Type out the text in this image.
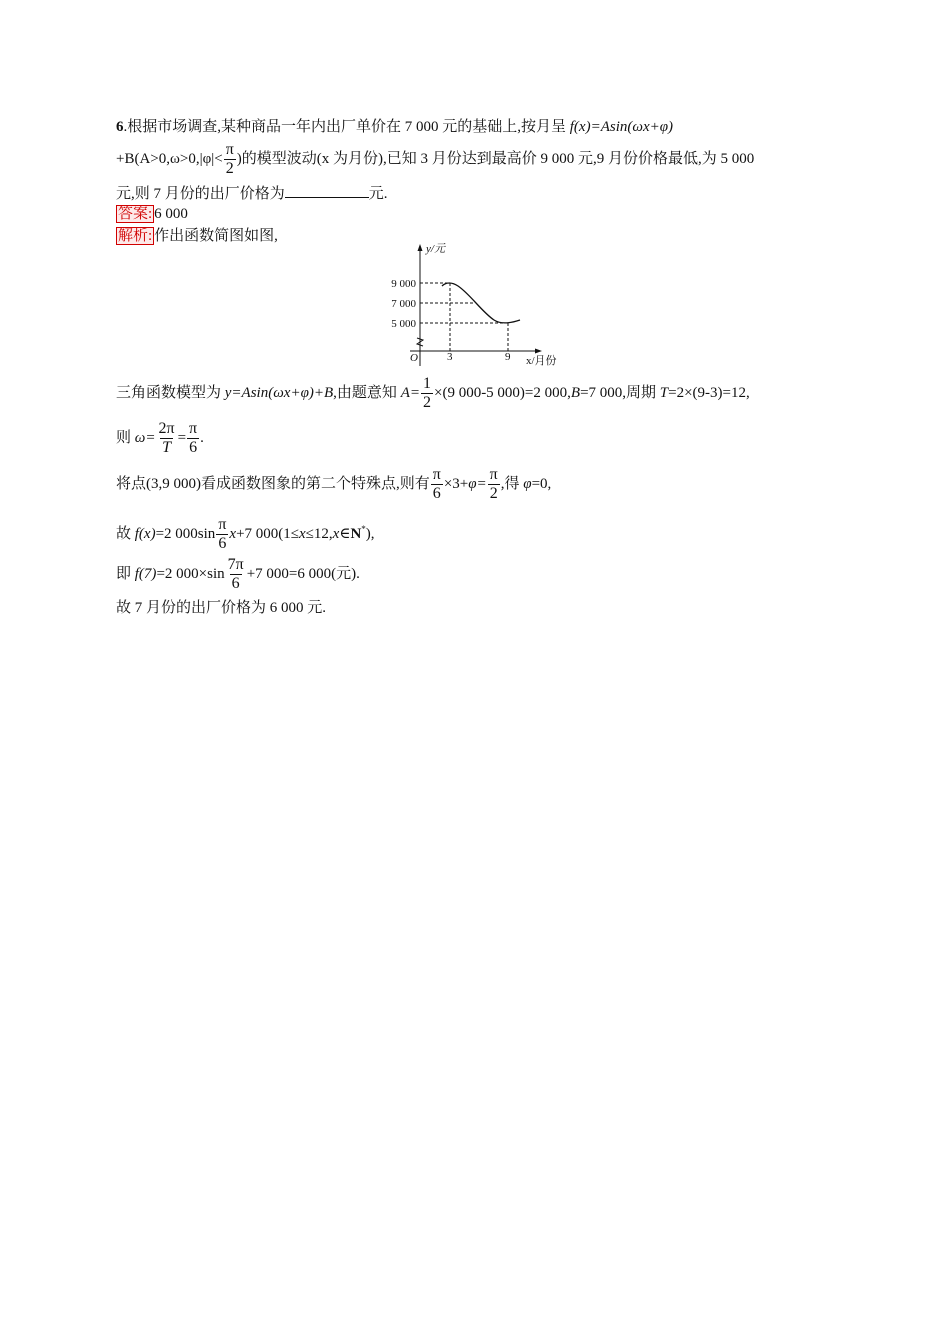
6.根据市场调查,某种商品一年内出厂单价在 7 000 元的基础上,按月呈 f(x)=Asin(ωx+φ)
$+B(A>0,\omega>0,|\varphi|< \frac{\pi}{2}$ )的模型波动(x 为月份),已知 3 月份达到最高价 9 000 元,9 月份价格最低,为 5 000
元,则 7 月份的出厂价格为	元.
答案: 6 000
解析: 作出函数简图如图,
y/元
9 000
7 000
5 000
O	3	9 x/月份
三角函数模型为 y=Asin(ωx+φ)+B,由题意知 $A= \frac{1}{2} \times(9$ 000-5 000)=2 000,B=7 000,周期 T=2×(9-3)=12,
则 $\omega= \frac{2\pi}{T} = \frac{\pi}{6}$ .
将点(3,9 000)看成函数图象的第二个特殊点,则有 $\frac{\pi}{6} \times 3+\varphi= \frac{\pi}{2}$ ,得 φ=0,
故 f(x)=2 $000\sin \frac{\pi}{6} x+7$ 000(1≤x≤12,x∈N*),
即 f(7)=2 $000\times\sin \frac{7\pi}{6} +7$ 000=6 000(元).
故 7 月份的出厂价格为 6 000 元.
